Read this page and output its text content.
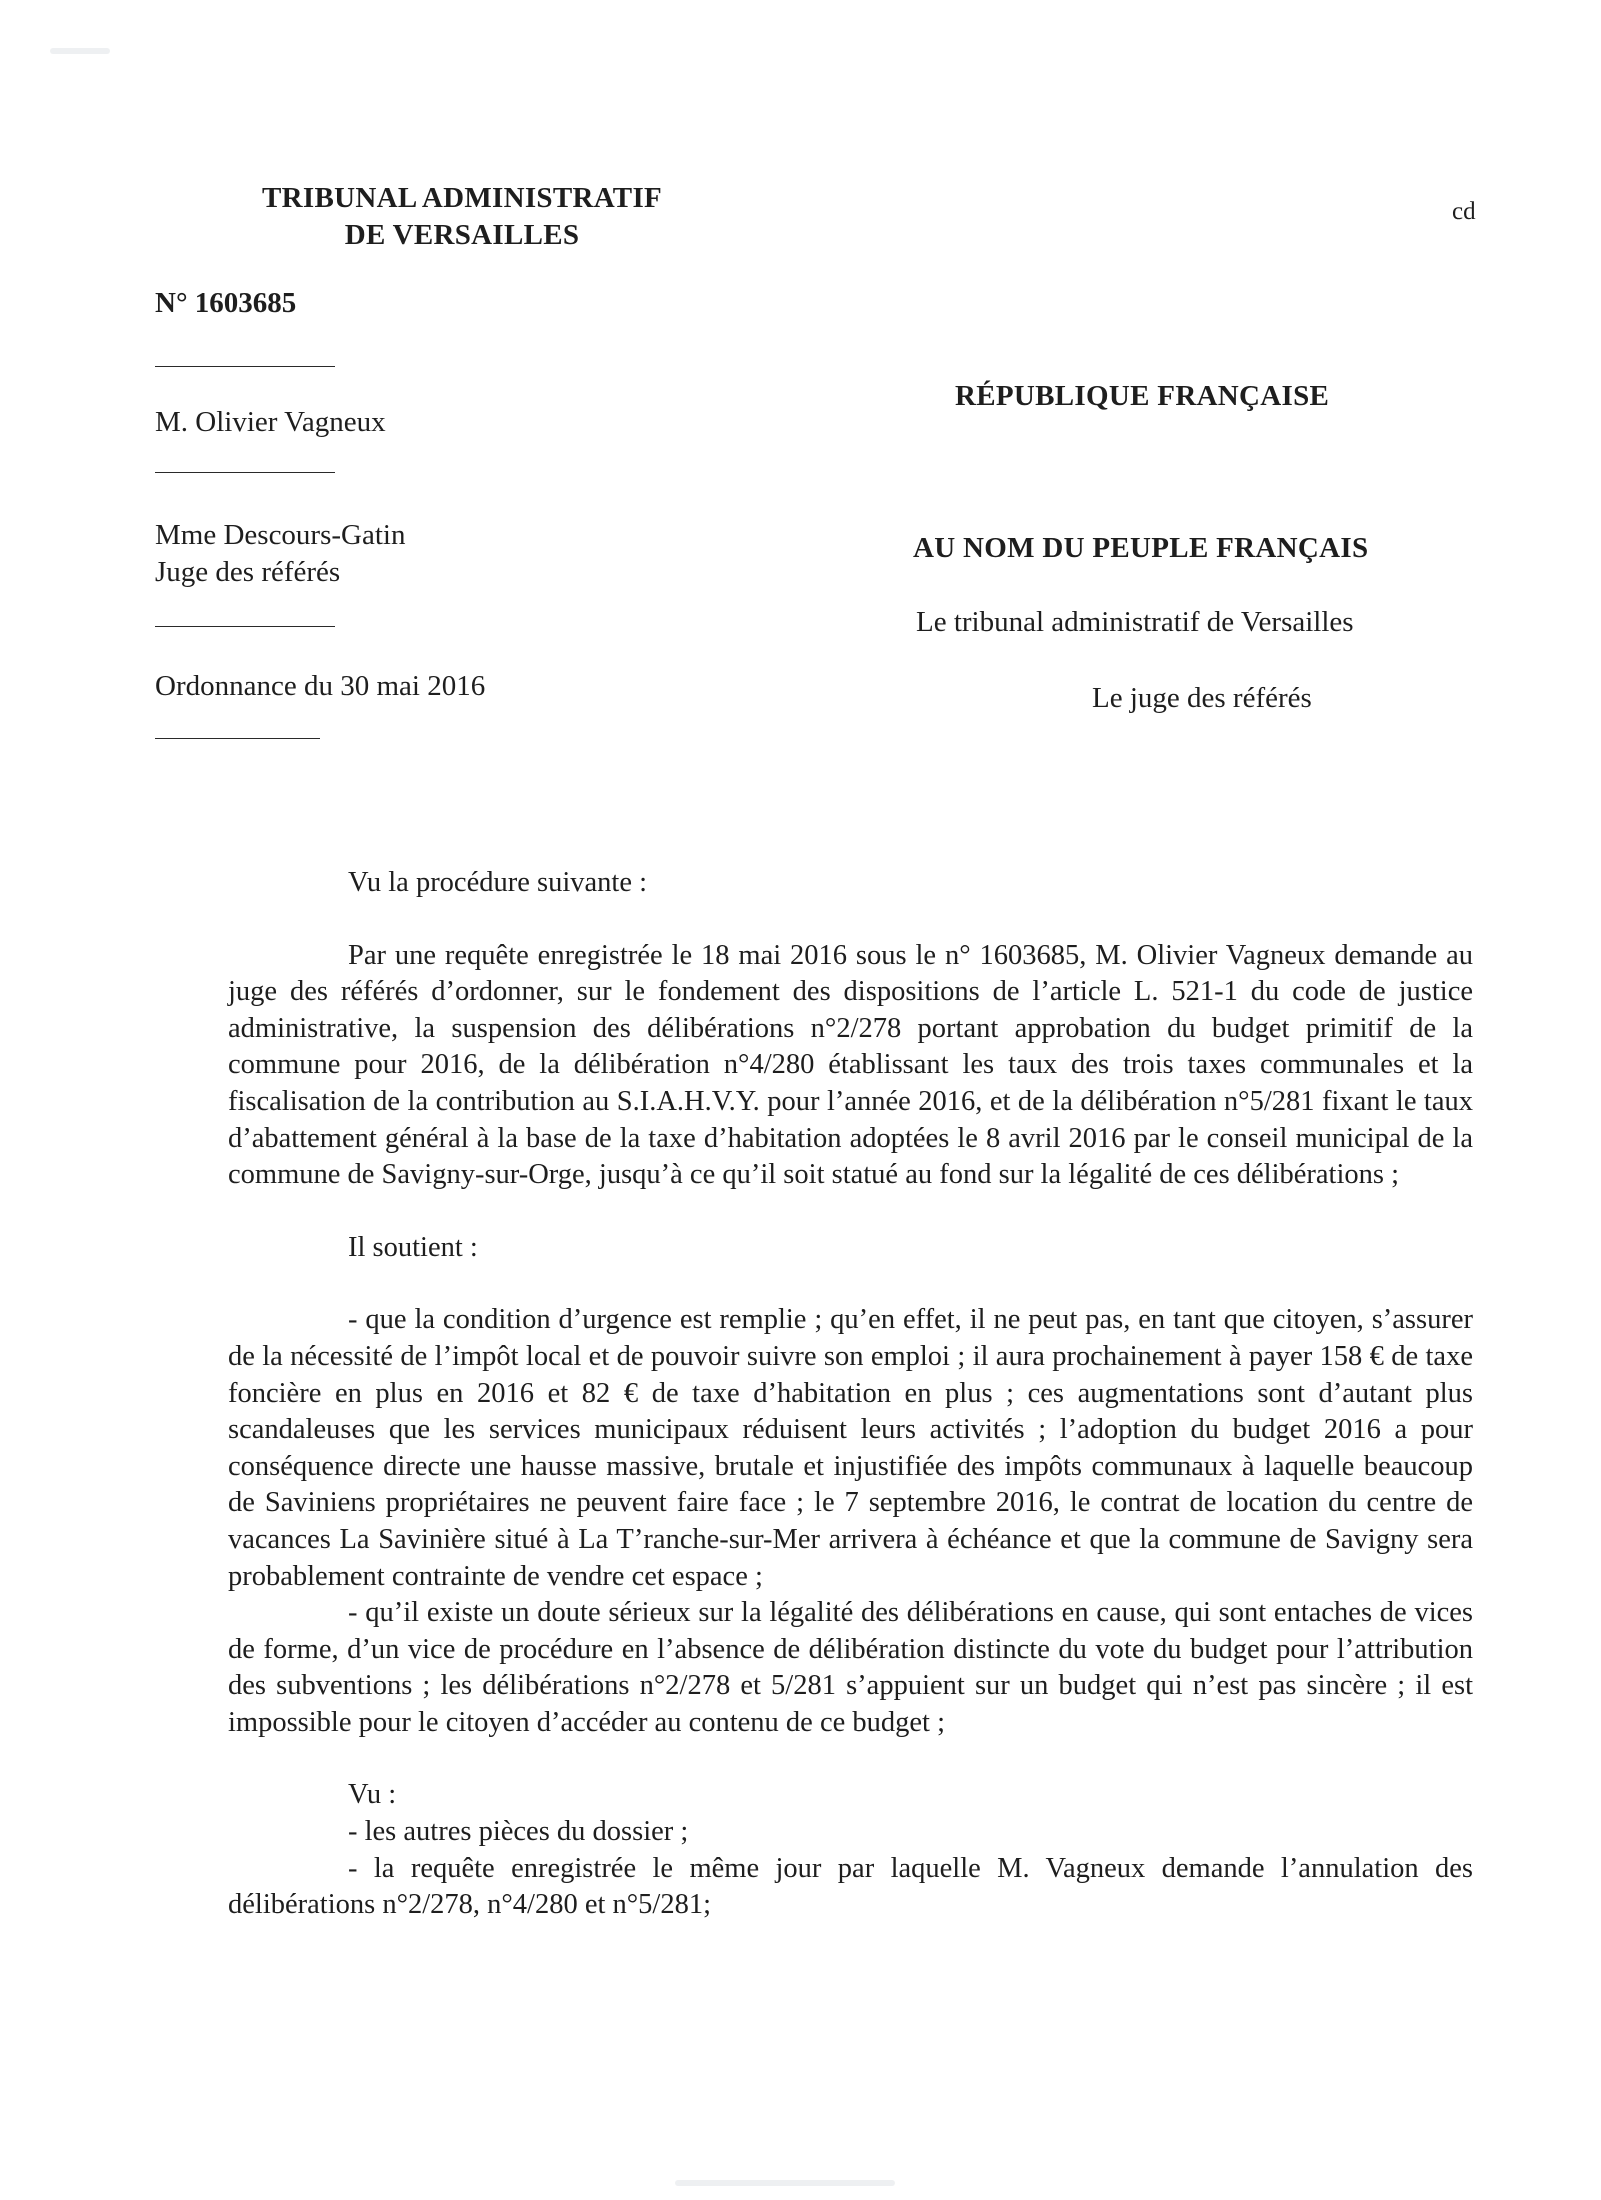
TRIBUNAL ADMINISTRATIF
DE VERSAILLES
cd
N° 1603685
M. Olivier Vagneux
Mme Descours-Gatin
Juge des référés
Ordonnance du 30 mai 2016
RÉPUBLIQUE FRANÇAISE
AU NOM DU PEUPLE FRANÇAIS
Le tribunal administratif de Versailles
Le juge des référés

Vu la procédure suivante :

Par une requête enregistrée le 18 mai 2016 sous le n° 1603685, M. Olivier Vagneux demande au juge des référés d’ordonner, sur le fondement des dispositions de l’article L. 521-1 du code de justice administrative, la suspension des délibérations n°2/278 portant approbation du budget primitif de la commune pour 2016, de la délibération n°4/280 établissant les taux des trois taxes communales et la fiscalisation de la contribution au S.I.A.H.V.Y. pour l’année 2016, et de la délibération n°5/281 fixant le taux d’abattement général à la base de la taxe d’habitation adoptées le 8 avril 2016 par le conseil municipal de la commune de Savigny-sur-Orge, jusqu’à ce qu’il soit statué au fond sur la légalité de ces délibérations ;

Il soutient :

- que la condition d’urgence est remplie ; qu’en effet, il ne peut pas, en tant que citoyen, s’assurer de la nécessité de l’impôt local et de pouvoir suivre son emploi ; il aura prochainement à payer 158 € de taxe foncière en plus en 2016 et 82 € de taxe d’habitation en plus ; ces augmentations sont d’autant plus scandaleuses que les services municipaux réduisent leurs activités ; l’adoption du budget 2016 a pour conséquence directe une hausse massive, brutale et injustifiée des impôts communaux à laquelle beaucoup de Saviniens propriétaires ne peuvent faire face ; le 7 septembre 2016, le contrat de location du centre de vacances La Savinière situé à La T’ranche-sur-Mer arrivera à échéance et que la commune de Savigny sera probablement contrainte de vendre cet espace ;

- qu’il existe un doute sérieux sur la légalité des délibérations en cause, qui sont entaches de vices de forme, d’un vice de procédure en l’absence de délibération distincte du vote du budget pour l’attribution des subventions ; les délibérations n°2/278 et 5/281 s’appuient sur un budget qui n’est pas sincère ; il est impossible pour le citoyen d’accéder au contenu de ce budget ;

Vu :

- les autres pièces du dossier ;

- la requête enregistrée le même jour par laquelle M. Vagneux demande l’annulation des délibérations n°2/278, n°4/280 et n°5/281;
